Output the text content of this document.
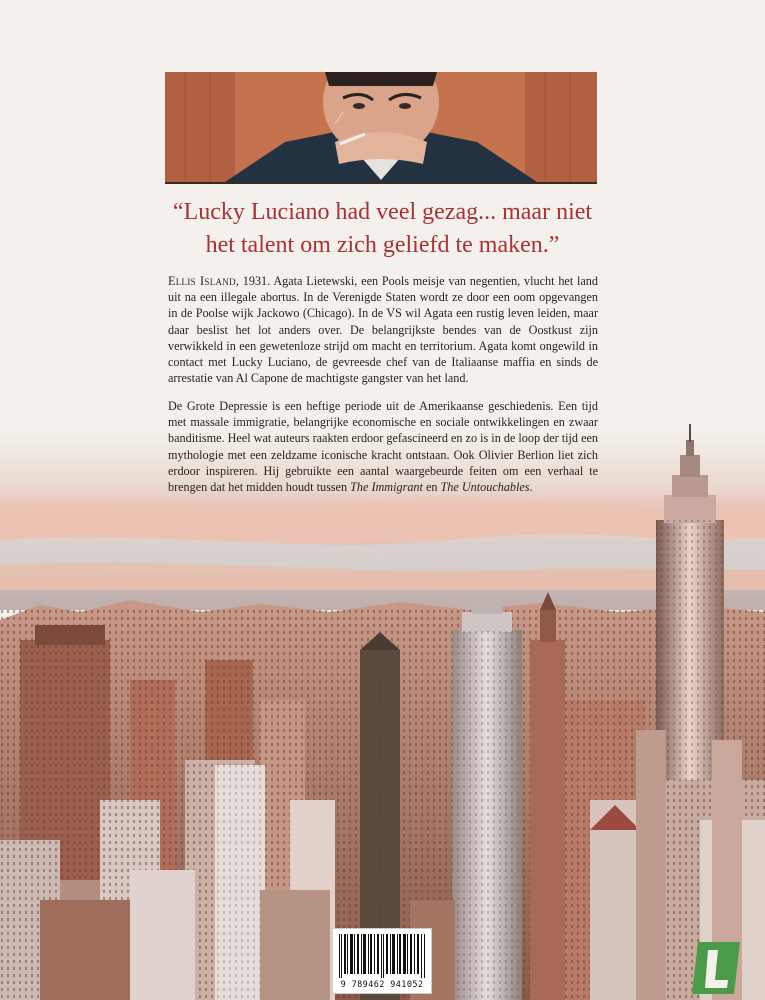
“Lucky Luciano had veel gezag... maar niet
het talent om zich geliefd te maken.”

Ellis Island, 1931. Agata Lietewski, een Pools meisje van negentien, vlucht het land uit na een illegale abortus. In de Verenigde Staten wordt ze door een oom opgevangen in de Poolse wijk Jackowo (Chicago). In de VS wil Agata een rustig leven leiden, maar daar beslist het lot anders over. De belangrijkste bendes van de Oostkust zijn verwikkeld in een gewetenloze strijd om macht en territorium. Agata komt ongewild in contact met Lucky Luciano, de gevreesde chef van de Italiaanse maffia en sinds de arrestatie van Al Capone de machtigste gangster van het land.

De Grote Depressie is een heftige periode uit de Amerikaanse geschiedenis. Een tijd met massale immigratie, belangrijke economische en sociale ontwikkelingen en zwaar banditisme. Heel wat auteurs raakten erdoor gefascineerd en zo is in de loop der tijd een mythologie met een zeldzame iconische kracht ontstaan. Ook Olivier Berlion liet zich erdoor inspireren. Hij gebruikte een aantal waargebeurde feiten om een verhaal te brengen dat het midden houdt tussen The Immigrant en The Untouchables.

9 789462 941052
